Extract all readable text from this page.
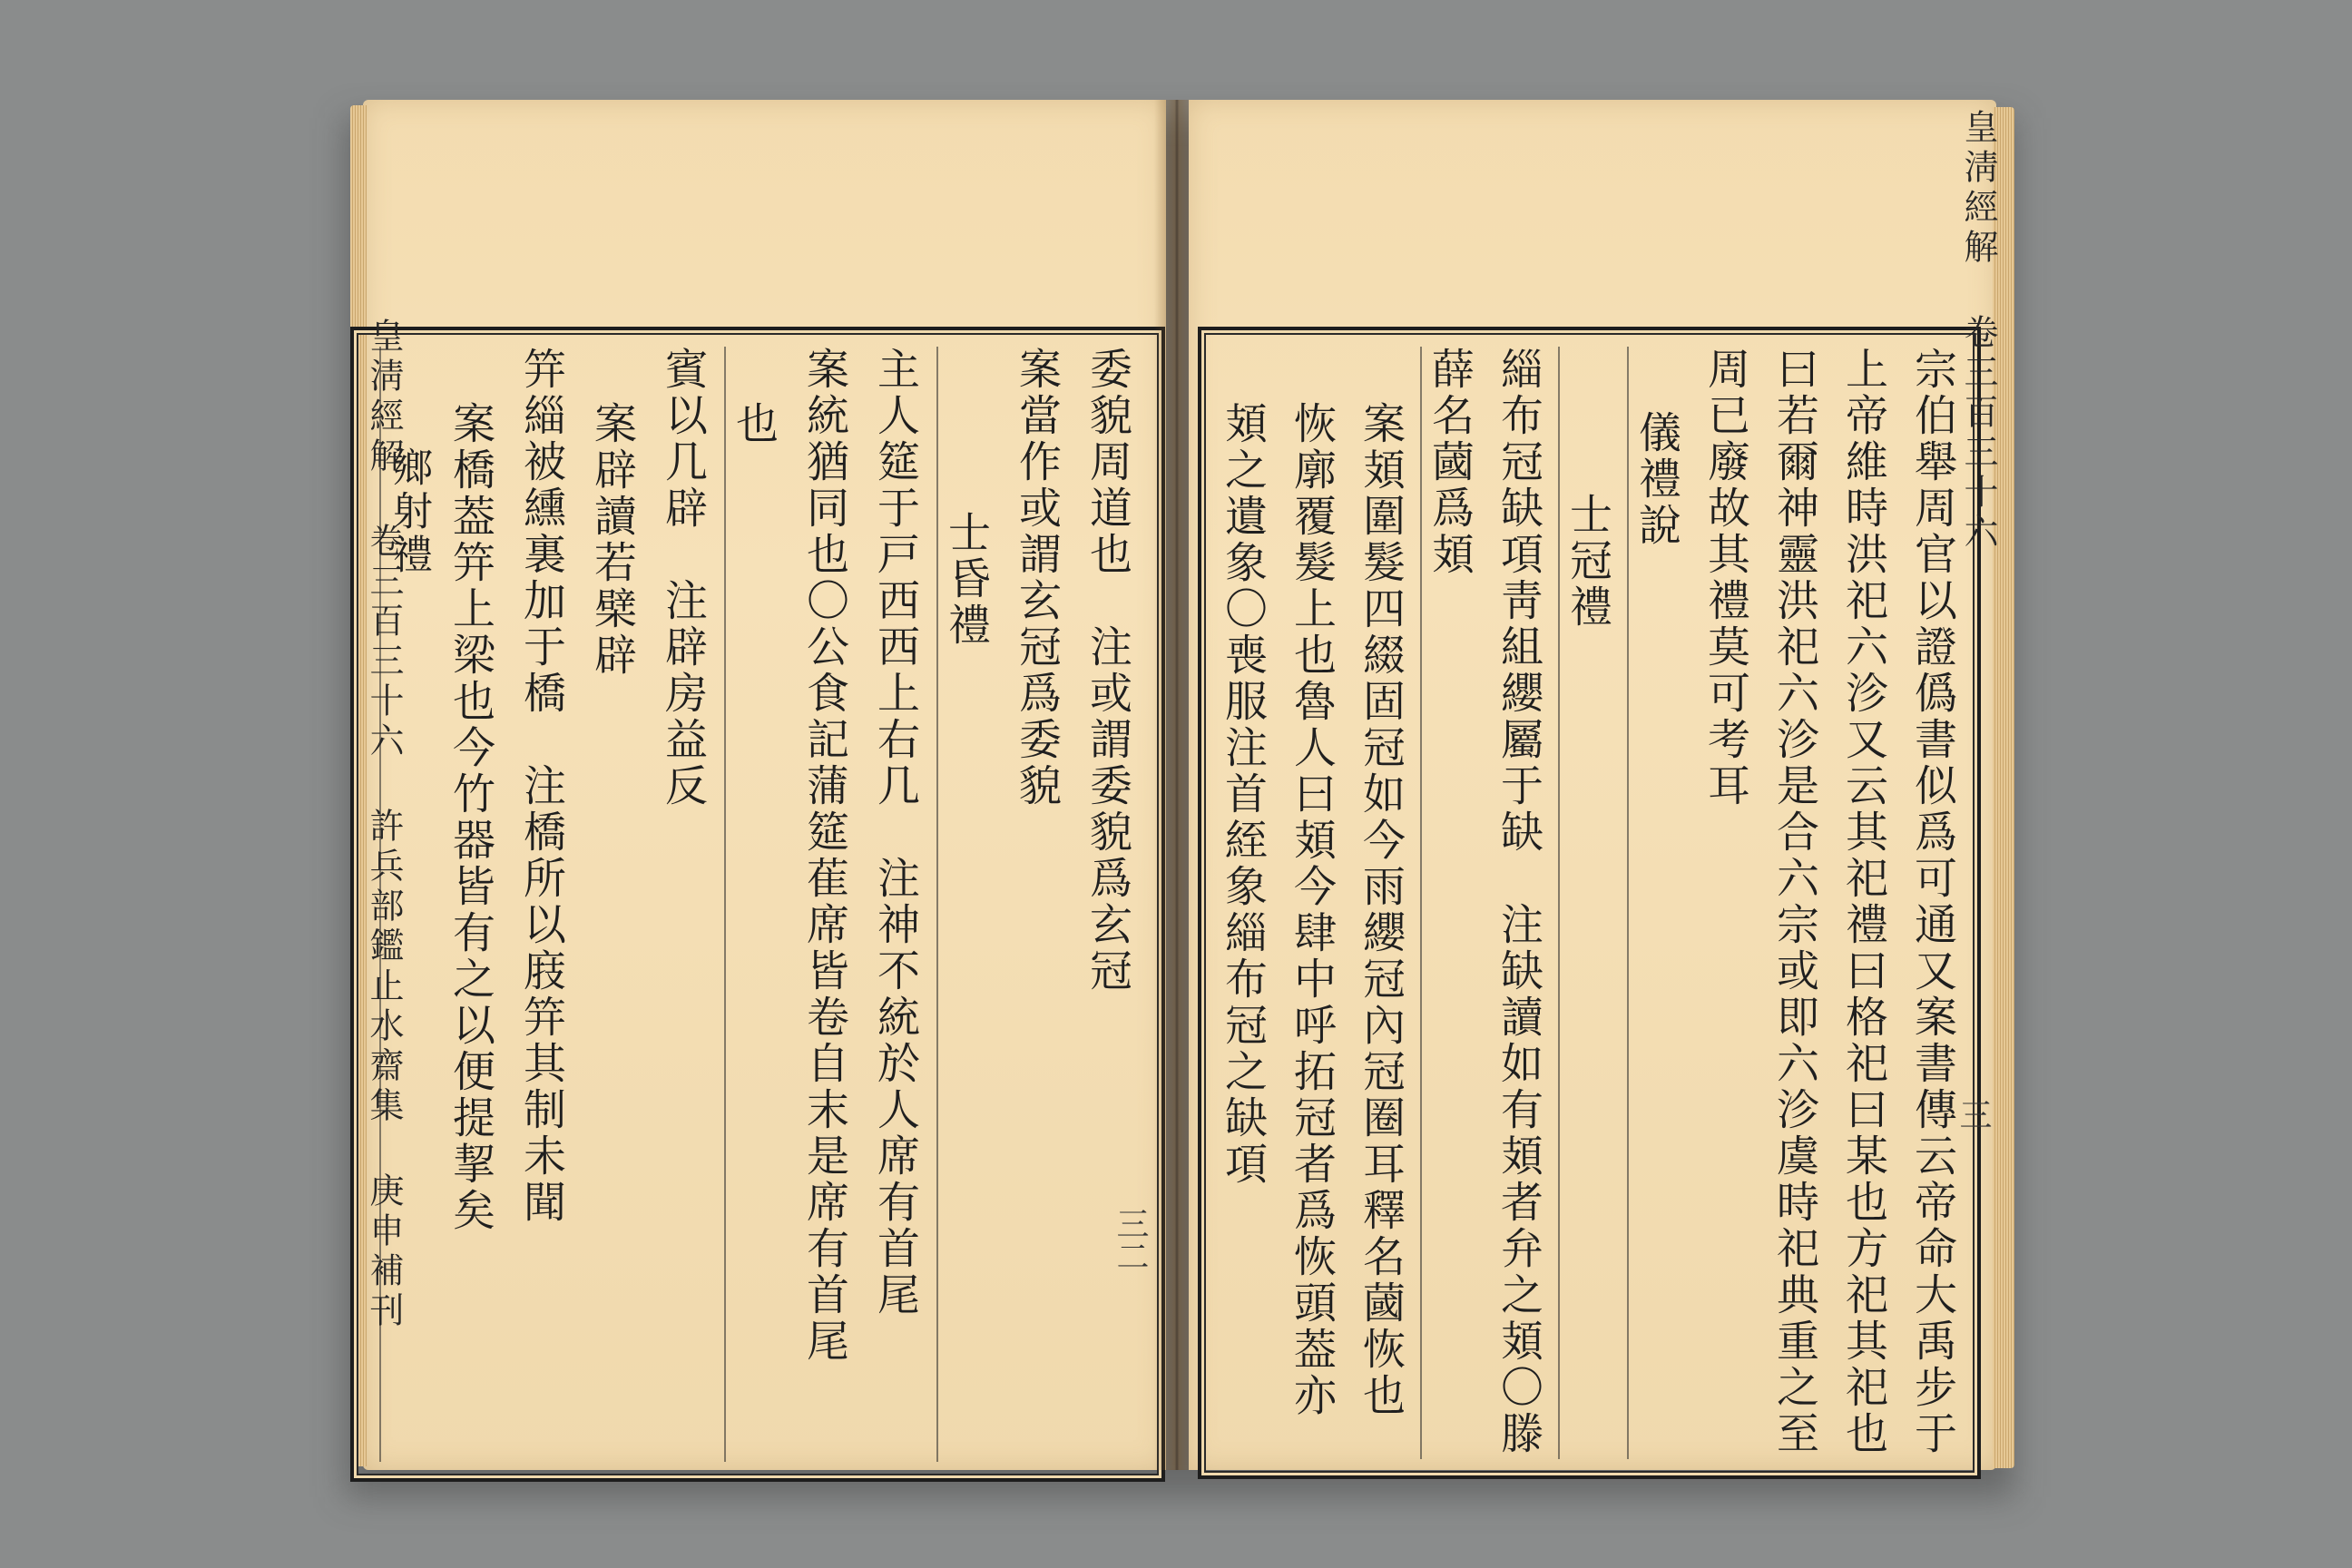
委貌周道也　注或謂委貌爲玄冠
案當作或謂玄冠爲委貌
士昏禮
主人筵于戸西西上右几　注神不統於人席有首尾
案統猶同也〇公食記蒲筵萑席皆卷自末是席有首尾
也
賓以几辟　注辟房益反
案辟讀若檗辟
笄緇被纁裏加于橋　注橋所以庪笄其制未聞
案橋葢笄上梁也今竹器皆有之以便提挈矣
鄉射禮
皇淸經解 卷三百三十六 許兵部鑑止水齋集 庚申補刊	三二	宗伯舉周官以證僞書似爲可通又案書傳云帝命大禹步于
上帝維時洪祀六沴又云其祀禮曰格祀曰某也方祀其祀也
曰若爾神靈洪祀六沴是合六宗或即六沴虞時祀典重之至
周已廢故其禮莫可考耳
儀禮說
士冠禮
緇布冠缺項靑組纓屬于缺　注缺讀如有頍者弁之頍〇滕
薛名蔮爲頍
案頍圍髮四綴固冠如今雨纓冠內冠圈耳釋名蔮恢也
恢廓覆髮上也魯人曰頍今肆中呼拓冠者爲恢頭葢亦
頍之遺象〇喪服注首絰象緇布冠之缺項
皇淸經解 卷三百三十六
三
